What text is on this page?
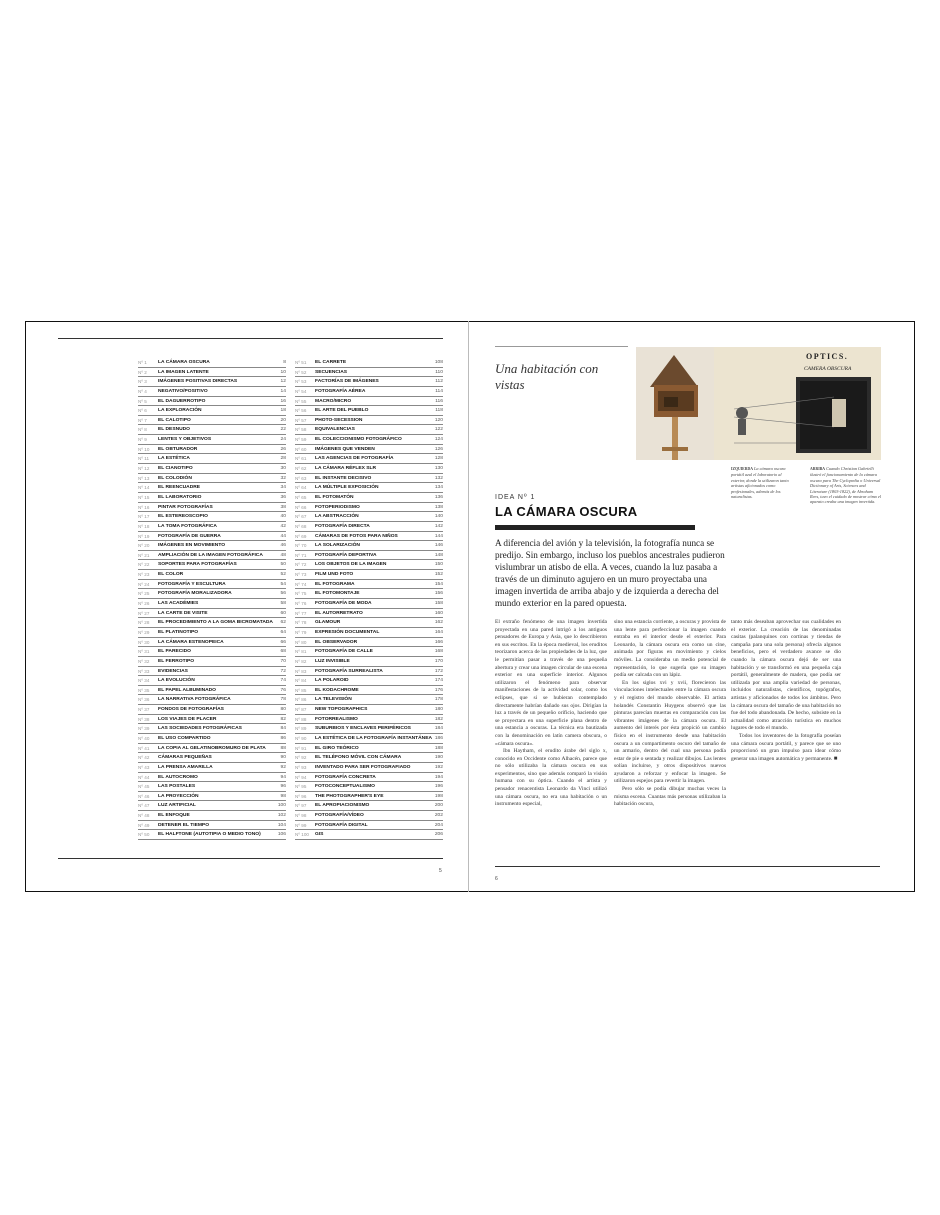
Nº 1 LA CÁMARA OSCURA	8
Nº 2 LA IMAGEN LATENTE	10
Nº 3 IMÁGENES POSITIVAS DIRECTAS	12
Nº 4 NEGATIVO/POSITIVO	14
Nº 5 EL DAGUERROTIPO	16
Nº 6 LA EXPLORACIÓN	18
Nº 7 EL CALOTIPO	20
Nº 8 EL DESNUDO	22
Nº 9 LENTES Y OBJETIVOS	24
Nº 10 EL OBTURADOR	26
Nº 11 LA ESTÉTICA	28
Nº 12 EL CIANOTIPO	30
Nº 13 EL COLODIÓN	32
Nº 14 EL REENCUADRE	34
Nº 15 EL LABORATORIO	36
Nº 16 PINTAR FOTOGRAFÍAS	38
Nº 17 EL ESTEREOSCOPIO	40
Nº 18 LA TOMA FOTOGRÁFICA	42
Nº 19 FOTOGRAFÍA DE GUERRA	44
Nº 20 IMÁGENES EN MOVIMIENTO	46
Nº 21 AMPLIACIÓN DE LA IMAGEN FOTOGRÁFICA	48
Nº 22 SOPORTES PARA FOTOGRAFÍAS	50
Nº 23 EL COLOR	52
Nº 24 FOTOGRAFÍA Y ESCULTURA	54
Nº 25 FOTOGRAFÍA MORALIZADORA	56
Nº 26 LAS ACADÉMIES	58
Nº 27 LA CARTE DE VISITE	60
Nº 28 EL PROCEDIMIENTO A LA GOMA BICROMATADA 62
Nº 29 EL PLATINOTIPO	64
Nº 30 LA CÁMARA ESTENOPEICA	66
Nº 31 EL PARECIDO	68
Nº 32 EL FERROTIPO	70
Nº 33 EVIDENCIAS	72
Nº 34 LA EVOLUCIÓN	74
Nº 35 EL PAPEL ALBUMINADO	76
Nº 36 LA NARRATIVA FOTOGRÁFICA	78
Nº 37 FONDOS DE FOTOGRAFÍAS	80
Nº 38 LOS VIAJES DE PLACER	82
Nº 39 LAS SOCIEDADES FOTOGRÁFICAS	84
Nº 40 EL USO COMPARTIDO	86
Nº 41 LA COPIA AL GELATINOBROMURO DE PLATA	88
Nº 42 CÁMARAS PEQUEÑAS	90
Nº 43 LA PRENSA AMARILLA	92
Nº 44 EL AUTOCROMO	94
Nº 45 LAS POSTALES	96
Nº 46 LA PROYECCIÓN	98
Nº 47 LUZ ARTIFICIAL	100
Nº 48 EL ENFOQUE	102
Nº 49 DETENER EL TIEMPO	104
Nº 50 EL HALFTONE (AUTOTIPIA O MEDIO TONO)	106
Nº 51 EL CARRETE	108
Nº 52 SECUENCIAS	110
Nº 53 FACTORÍAS DE IMÁGENES	112
Nº 54 FOTOGRAFÍA AÉREA	114
Nº 55 MACRO/MICRO	116
Nº 56 EL ARTE DEL PUEBLO	118
Nº 57 PHOTO-SECESSION	120
Nº 58 EQUIVALENCIAS	122
Nº 59 EL COLECCIONISMO FOTOGRÁFICO	124
Nº 60 IMÁGENES QUE VENDEN	126
Nº 61 LAS AGENCIAS DE FOTOGRAFÍA	128
Nº 62 LA CÁMARA RÉFLEX SLR	130
Nº 63 EL INSTANTE DECISIVO	132
Nº 64 LA MÚLTIPLE EXPOSICIÓN	134
Nº 65 EL FOTOMATÓN	136
Nº 66 FOTOPERIODISMO	138
Nº 67 LA ABSTRACCIÓN	140
Nº 68 FOTOGRAFÍA DIRECTA	142
Nº 69 CÁMARAS DE FOTOS PARA NIÑOS	144
Nº 70 LA SOLARIZACIÓN	146
Nº 71 FOTOGRAFÍA DEPORTIVA	148
Nº 72 LOS OBJETOS DE LA IMAGEN	150
Nº 73 FILM UND FOTO	152
Nº 74 EL FOTOGRAMA	154
Nº 75 EL FOTOMONTAJE	156
Nº 76 FOTOGRAFÍA DE MODA	158
Nº 77 EL AUTORRETRATO	160
Nº 78 GLAMOUR	162
Nº 79 EXPRESIÓN DOCUMENTAL	164
Nº 80 EL OBSERVADOR	166
Nº 81 FOTOGRAFÍA DE CALLE	168
Nº 82 LUZ INVISIBLE	170
Nº 83 FOTOGRAFÍA SURREALISTA	172
Nº 84 LA POLAROID	174
Nº 85 EL KODACHROME	176
Nº 86 LA TELEVISIÓN	178
Nº 87 NEW TOPOGRAPHICS	180
Nº 88 FOTORREALISMO	182
Nº 89 SUBURBIOS Y ENCLAVES PERIFÉRICOS	184
Nº 90 LA ESTÉTICA DE LA FOTOGRAFÍA INSTANTÁNEA 186
Nº 91 EL GIRO TEÓRICO	188
Nº 92 EL TELÉFONO MÓVIL CON CÁMARA	190
Nº 93 INVENTADO PARA SER FOTOGRAFIADO	192
Nº 94 FOTOGRAFÍA CONCRETA	194
Nº 95 FOTOCONCEPTUALISMO	196
Nº 96 THE PHOTOGRAPHER'S EYE	198
Nº 97 EL APROPIACIONISMO	200
Nº 98 FOTOGRAFÍA/VÍDEO	202
Nº 99 FOTOGRAFÍA DIGITAL	204
Nº 100 GIS	206
5
Una habitación con vistas
OPTICS.
CAMERA OBSCURA
IZQUIERDA La cámara oscura portátil azul el laboratorio al exterior, donde la utilizaron tanto artistas aficionados como profesionales, además de los naturalistas.
ARRIBA Cuando Christian Gabrielli ilustró el funcionamiento de la cámara oscura para The Cyclopedia o Universal Dictionary of Arts, Sciences and Literature (1803-1822), de Abraham Rees, tuvo el cuidado de mostrar cómo el aparato creaba una imagen invertida.
IDEA Nº 1
LA CÁMARA OSCURA
A diferencia del avión y la televisión, la fotografía nunca se predijo. Sin embargo, incluso los pueblos ancestrales pudieron vislumbrar un atisbo de ella. A veces, cuando la luz pasaba a través de un diminuto agujero en un muro proyectaba una imagen invertida de arriba abajo y de izquierda a derecha del mundo exterior en la pared opuesta.

El extraño fenómeno de una imagen invertida proyectada en una pared intrigó a los antiguos pensadores de Europa y Asia, que lo describieron en sus escritos. En la época medieval, los eruditos teorizaron acerca de las propiedades de la luz, que le permitían pasar a través de una pequeña abertura y crear una imagen circular de una escena exterior en una superficie interior. Algunos utilizaron el fenómeno para observar manifestaciones de la actividad solar, como los eclipses, que si se hubieran contemplado directamente habrían dañado sus ojos. Dirigían la luz a través de un pequeño orificio, haciendo que se proyectara en una superficie plana dentro de una estancia a oscuras. La técnica era bautizada con la denominación en latín camera obscura, o «cámara oscura».

Ibn Haytham, el erudito árabe del siglo x, conocido en Occidente como Alhacén, parece que no sólo utilizaba la cámara oscura en sus experimentos, sino que además comparó la visión humana con su óptica. Cuando el artista y pensador renacentista Leonardo da Vinci utilizó una cámara oscura, no era una habitación o un instrumento especial,

sino una estancia corriente, a oscuras y provista de una lente para perfeccionar la imagen cuando entraba en el interior desde el exterior. Para Leonardo, la cámara oscura era como un cine, animada por figuras en movimiento y cielos móviles. La consideraba un medio potencial de representación, lo que sugería que su imagen podía ser calcada con un lápiz.

En los siglos xvi y xvii, florecieron las vinculaciones intelectuales entre la cámara oscura y el registro del mundo observable. El artista holandés Constantin Huygens observó que las pinturas parecían muertas en comparación con las vibrantes imágenes de la cámara oscura. El aumento del interés por ésta propició un cambio físico en el instrumento desde una habitación oscura a un compartimento oscuro del tamaño de un armario, dentro del cual una persona podía estar de pie o sentada y realizar dibujos. Las lentes solían incluirse, y otros dispositivos nuevos ayudaron a reforzar y enfocar la imagen. Se utilizaron espejos para revertir la imagen.

Pero sólo se podía dibujar muchas veces la misma escena. Cuantas más personas utilizaban la habitación oscura,

tanto más deseaban aprovechar sus cualidades en el exterior. La creación de las denominadas casitas (palanquines con cortinas y tiendas de campaña para una sola persona) ofrecía algunos beneficios, pero el verdadero avance se dio cuando la cámara oscura dejó de ser una habitación y se transformó en una pequeña caja portátil, generalmente de madera, que podía ser utilizada por una amplia variedad de personas, incluidos naturalistas, científicos, topógrafos, artistas y aficionados de todos los ámbitos. Pero la cámara oscura del tamaño de una habitación no fue del todo abandonada. De hecho, subsiste en la actualidad como atracción turística en muchos lugares de todo el mundo.

Todos los inventores de la fotografía poseían una cámara oscura portátil, y parece que se uno proporcionó un gran impulso para idear cómo generar una imagen automática y permanente. ■

6
